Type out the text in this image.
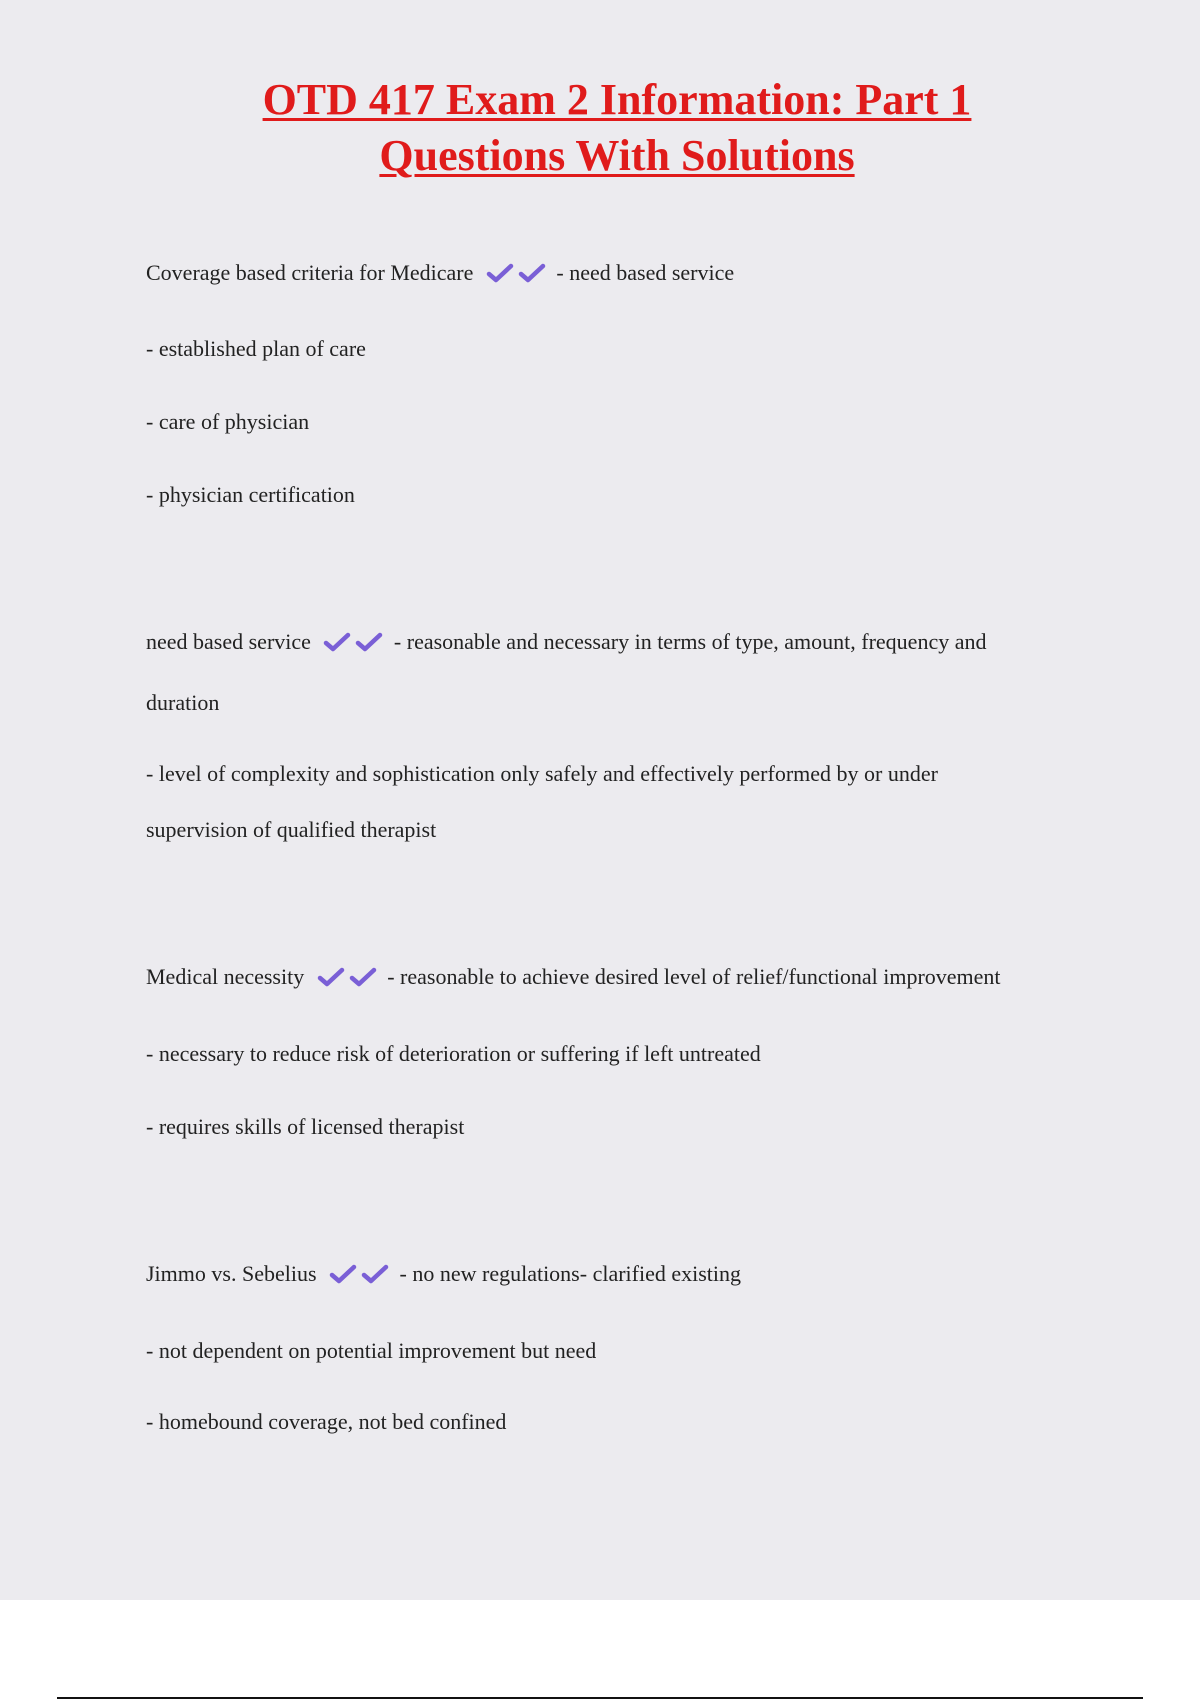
OTD 417 Exam 2 Information: Part 1
Questions With Solutions
Coverage based criteria for Medicare	- need based service
- established plan of care
- care of physician
- physician certification
need based service	- reasonable and necessary in terms of type, amount, frequency and
duration
- level of complexity and sophistication only safely and effectively performed by or under
supervision of qualified therapist
Medical necessity	- reasonable to achieve desired level of relief/functional improvement
- necessary to reduce risk of deterioration or suffering if left untreated
- requires skills of licensed therapist
Jimmo vs. Sebelius	- no new regulations- clarified existing
- not dependent on potential improvement but need
- homebound coverage, not bed confined
